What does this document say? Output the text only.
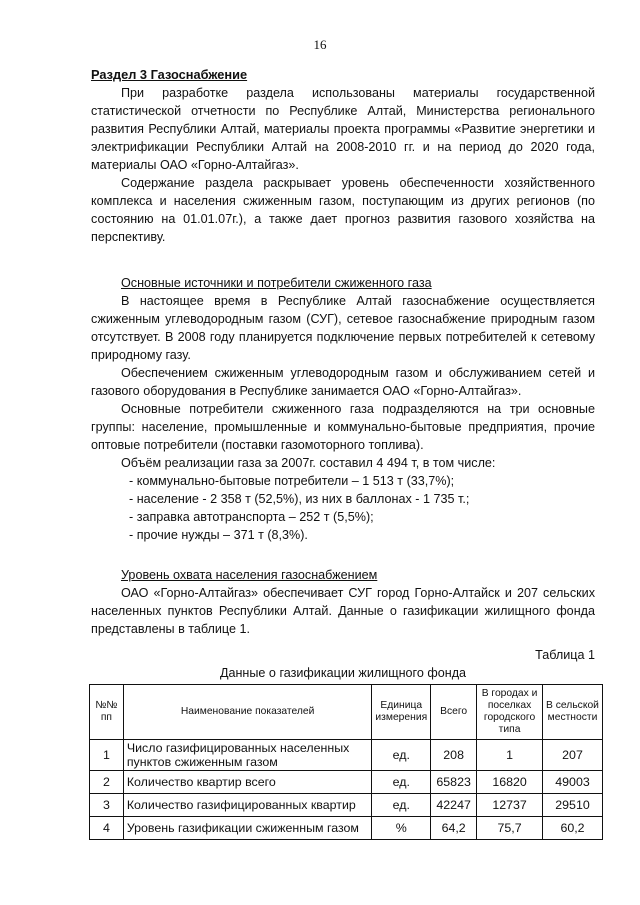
16
Раздел 3 Газоснабжение

При разработке раздела использованы материалы государственной статистической отчетности по Республике Алтай, Министерства регионального развития Республики Алтай, материалы проекта программы «Развитие энергетики и электрификации Республики Алтай на 2008-2010 гг. и на период до 2020 года, материалы ОАО «Горно-Алтайгаз».

Содержание раздела раскрывает уровень обеспеченности хозяйственного комплекса и населения сжиженным газом, поступающим из других регионов (по состоянию на 01.01.07г.), а также дает прогноз развития газового хозяйства на перспективу.

Основные источники и потребители сжиженного газа

В настоящее время в Республике Алтай газоснабжение осуществляется сжиженным углеводородным газом (СУГ), сетевое газоснабжение природным газом отсутствует. В 2008 году планируется подключение первых потребителей к сетевому природному газу.

Обеспечением сжиженным углеводородным газом и обслуживанием сетей и газового оборудования в Республике занимается ОАО «Горно-Алтайгаз».

Основные потребители сжиженного газа подразделяются на три основные группы: население, промышленные и коммунально-бытовые предприятия, прочие оптовые потребители (поставки газомоторного топлива).

Объём реализации газа за 2007г. составил 4 494 т, в том числе:

- коммунально-бытовые потребители – 1 513 т (33,7%);
- население - 2 358 т (52,5%), из них в баллонах - 1 735 т.;
- заправка автотранспорта – 252 т (5,5%);
- прочие нужды – 371 т (8,3%).
Уровень охвата населения газоснабжением

ОАО «Горно-Алтайгаз» обеспечивает СУГ город Горно-Алтайск и 207 сельских населенных пунктов Республики Алтай. Данные о газификации жилищного фонда представлены в таблице 1.

Таблица 1
Данные о газификации жилищного фонда
№№ пп	Наименование показателей	Единица измерения	Всего	В городах и поселках городского типа	В сельской местности
1	Число газифицированных населенных пунктов сжиженным газом	ед.	208	1	207
2	Количество квартир всего	ед.	65823	16820	49003
3	Количество газифицированных квартир	ед.	42247	12737	29510
4	Уровень газификации сжиженным газом	%	64,2	75,7	60,2
